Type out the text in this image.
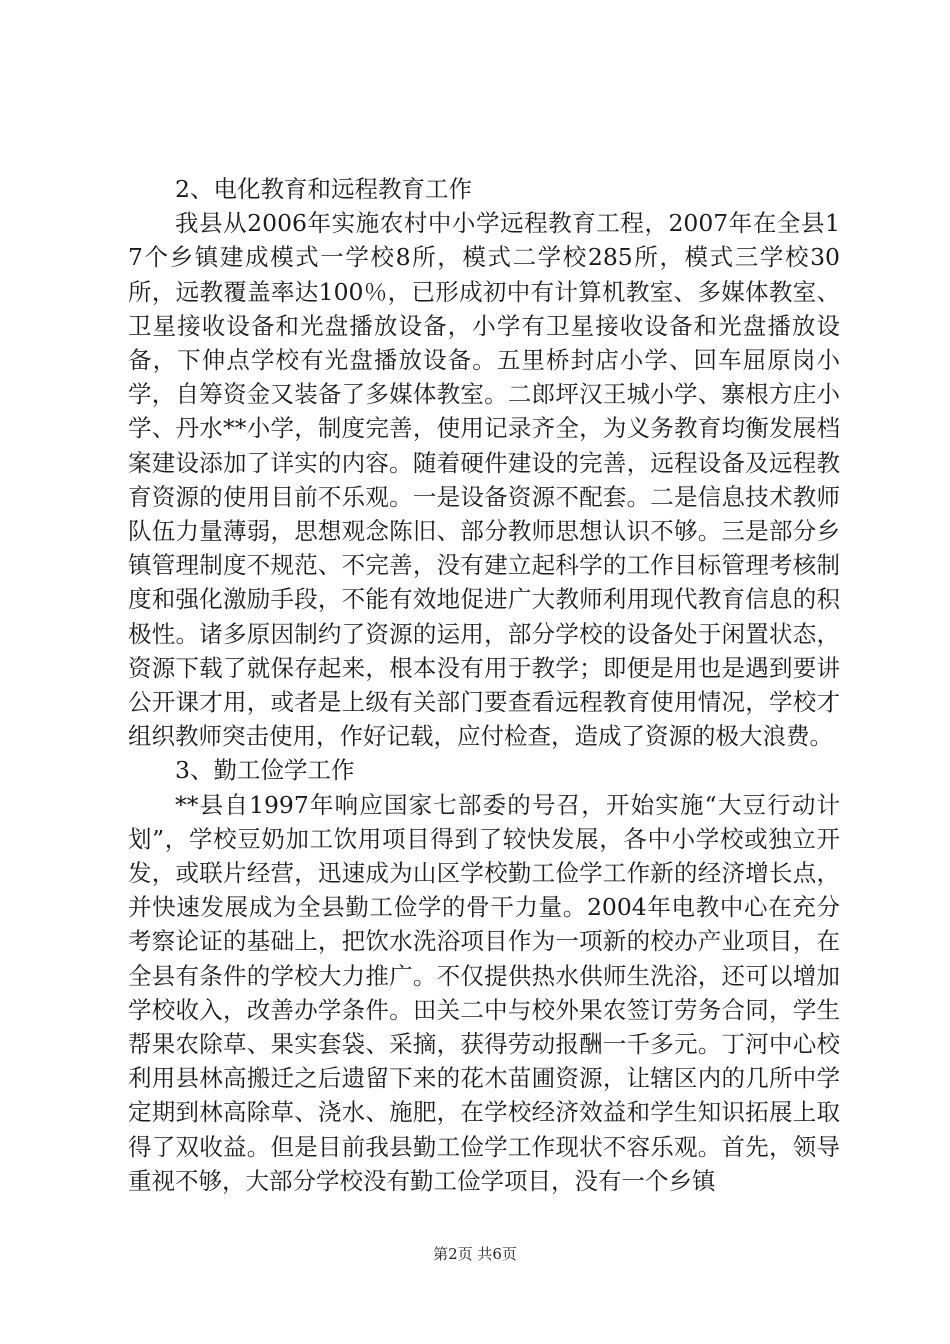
2、电化教育和远程教育工作

我县从2006年实施农村中小学远程教育工程，2007年在全县17个乡镇建成模式一学校8所，模式二学校285所，模式三学校30所，远教覆盖率达100％，已形成初中有计算机教室、多媒体教室、卫星接收设备和光盘播放设备，小学有卫星接收设备和光盘播放设备，下伸点学校有光盘播放设备。五里桥封店小学、回车屈原岗小学，自筹资金又装备了多媒体教室。二郎坪汉王城小学、寨根方庄小学、丹水**小学，制度完善，使用记录齐全，为义务教育均衡发展档案建设添加了详实的内容。随着硬件建设的完善，远程设备及远程教育资源的使用目前不乐观。一是设备资源不配套。二是信息技术教师队伍力量薄弱，思想观念陈旧、部分教师思想认识不够。三是部分乡镇管理制度不规范、不完善，没有建立起科学的工作目标管理考核制度和强化激励手段，不能有效地促进广大教师利用现代教育信息的积极性。诸多原因制约了资源的运用，部分学校的设备处于闲置状态，资源下载了就保存起来，根本没有用于教学；即便是用也是遇到要讲公开课才用，或者是上级有关部门要查看远程教育使用情况，学校才组织教师突击使用，作好记载，应付检查，造成了资源的极大浪费。

3、勤工俭学工作

**县自1997年响应国家七部委的号召，开始实施“大豆行动计划”，学校豆奶加工饮用项目得到了较快发展，各中小学校或独立开发，或联片经营，迅速成为山区学校勤工俭学工作新的经济增长点，并快速发展成为全县勤工俭学的骨干力量。2004年电教中心在充分考察论证的基础上，把饮水洗浴项目作为一项新的校办产业项目，在全县有条件的学校大力推广。不仅提供热水供师生洗浴，还可以增加学校收入，改善办学条件。田关二中与校外果农签订劳务合同，学生帮果农除草、果实套袋、采摘，获得劳动报酬一千多元。丁河中心校利用县林高搬迁之后遗留下来的花木苗圃资源，让辖区内的几所中学定期到林高除草、浇水、施肥，在学校经济效益和学生知识拓展上取得了双收益。但是目前我县勤工俭学工作现状不容乐观。首先，领导重视不够，大部分学校没有勤工俭学项目，没有一个乡镇

第2页 共6页
